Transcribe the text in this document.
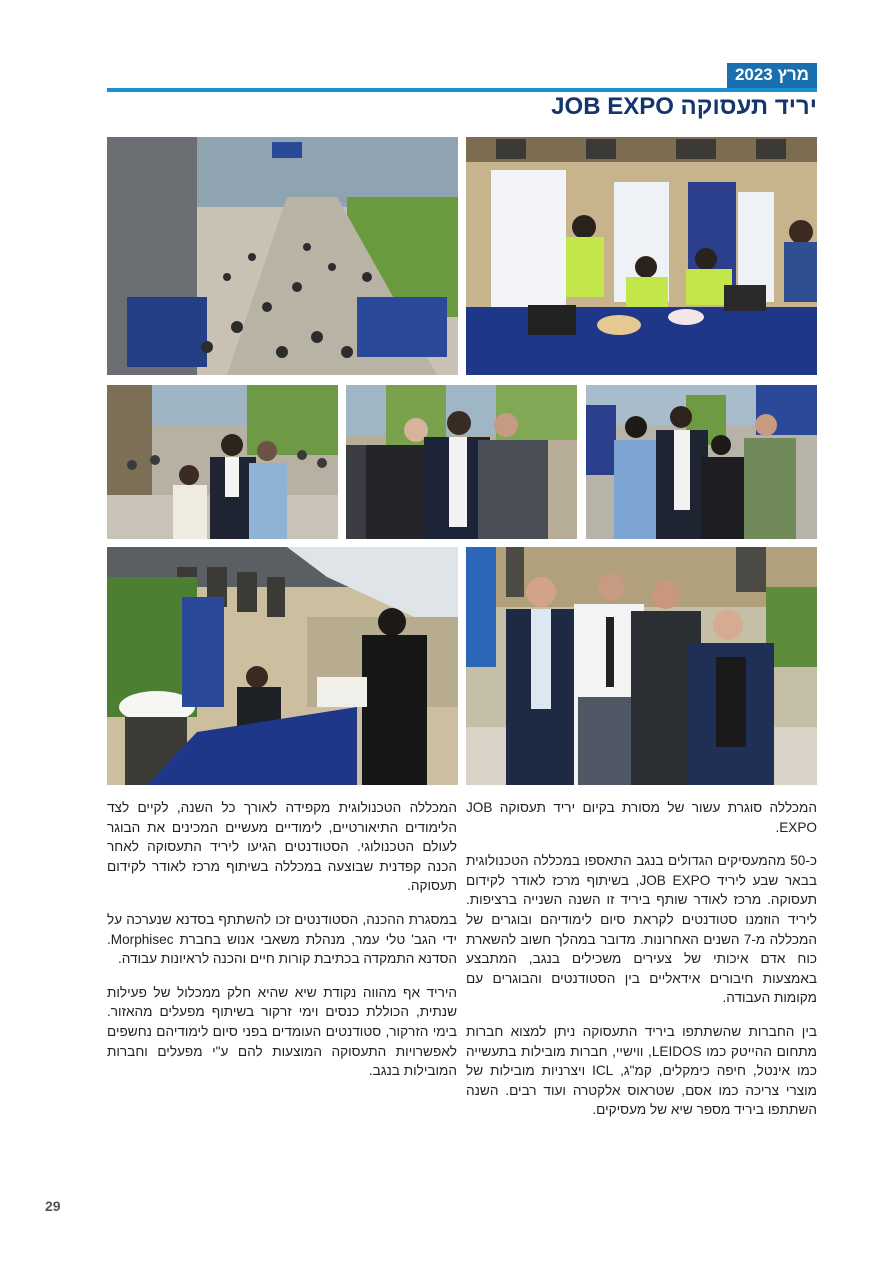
מרץ 2023
יריד תעסוקה JOB EXPO

המכללה סוגרת עשור של מסורת בקיום יריד תעסוקה JOB EXPO.

כ-50 מהמעסיקים הגדולים בנגב התאספו במכללה הטכנולוגית בבאר שבע ליריד JOB EXPO, בשיתוף מרכז לאודר לקידום תעסוקה. מרכז לאודר שותף ביריד זו השנה השנייה ברציפות. ליריד הוזמנו סטודנטים לקראת סיום לימודיהם ובוגרים של המכללה מ-7 השנים האחרונות. מדובר במהלך חשוב להשארת כוח אדם איכותי של צעירים משכילים בנגב, המתבצע באמצעות חיבורים אידאליים בין הסטודנטים והבוגרים עם מקומות העבודה.

בין החברות שהשתתפו ביריד התעסוקה ניתן למצוא חברות מתחום ההייטק כמו LEIDOS, ווישיי, חברות מובילות בתעשייה כמו אינטל, חיפה כימקלים, קמ"ג, ICL ויצרניות מובילות של מוצרי צריכה כמו אסם, שטראוס אלקטרה ועוד רבים. השנה השתתפו ביריד מספר שיא של מעסיקים.

המכללה הטכנולוגית מקפידה לאורך כל השנה, לקיים לצד הלימודים התיאורטיים, לימודיים מעשיים המכינים את הבוגר לעולם הטכנולוגי. הסטודנטים הגיעו ליריד התעסוקה לאחר הכנה קפדנית שבוצעה במכללה בשיתוף מרכז לאודר לקידום תעסוקה.

במסגרת ההכנה, הסטודנטים זכו להשתתף בסדנא שנערכה על ידי הגב' טלי עמר, מנהלת משאבי אנוש בחברת Morphisec. הסדנא התמקדה בכתיבת קורות חיים והכנה לראיונות עבודה.

היריד אף מהווה נקודת שיא שהיא חלק ממכלול של פעילות שנתית, הכוללת כנסים וימי זרקור בשיתוף מפעלים מהאזור. בימי הזרקור, סטודנטים העומדים בפני סיום לימודיהם נחשפים לאפשרויות התעסוקה המוצעות להם ע"י מפעלים וחברות המובילות בנגב.

29
